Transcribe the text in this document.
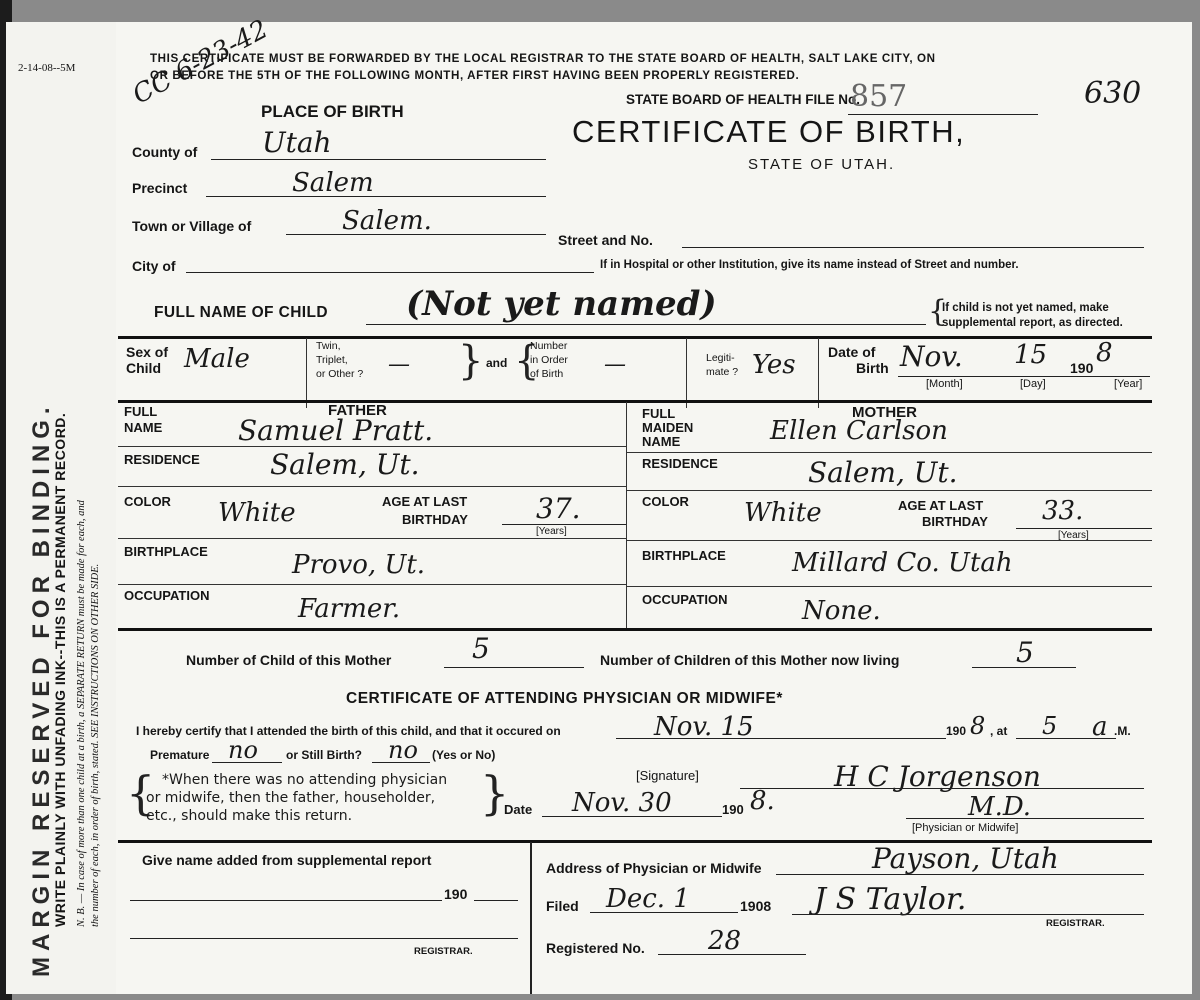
2-14-08--5M
MARGIN RESERVED FOR BINDING.
WRITE PLAINLY WITH UNFADING INK--THIS IS A PERMANENT RECORD. N. B. — In case of more than one child at a birth, a SEPARATE RETURN must be made for each, and the number of each, in order of birth, stated. SEE INSTRUCTIONS ON OTHER SIDE.
THIS CERTIFICATE MUST BE FORWARDED BY THE LOCAL REGISTRAR TO THE STATE BOARD OF HEALTH, SALT LAKE CITY, ON
OR BEFORE THE 5TH OF THE FOLLOWING MONTH, AFTER FIRST HAVING BEEN PROPERLY REGISTERED.
CC 6-23-42	STATE BOARD OF HEALTH FILE No.
857	630
CERTIFICATE OF BIRTH,
STATE OF UTAH.
PLACE OF BIRTH
County of Utah
Precinct	Salem
Town or Village of	Salem.
Street and No.
City of	If in Hospital or other Institution, give its name instead of Street and number.
FULL NAME OF CHILD (Not yet named)	{
If child is not yet named, make
supplemental report, as directed.
Sex of
Child Male	Twin,
Triplet,
or Other ? — } and {
Number
in Order
of Birth —	Legiti-
mate ? Yes Date of
Birth Nov. 15 190 8
[Month]	[Day]	[Year]
FATHER
FULL
NAME	Samuel Pratt.
RESIDENCE	Salem, Ut.
COLOR White	AGE AT LAST
BIRTHDAY 37.
[Years]
BIRTHPLACE	Provo, Ut.
OCCUPATION	Farmer.
MOTHER
FULL
MAIDEN
NAME	Ellen Carlson
RESIDENCE	Salem, Ut.
COLOR White	AGE AT LAST
BIRTHDAY 33.
[Years]
BIRTHPLACE	Millard Co. Utah
OCCUPATION	None.
Number of Child of this Mother	5	Number of Children of this Mother now living	5
CERTIFICATE OF ATTENDING PHYSICIAN OR MIDWIFE*
I hereby certify that I attended the birth of this child, and that it occured on	Nov. 15	190 8 , at 5 a .M.
Premature no or Still Birth? no (Yes or No)
{ *When there was no attending physician
or midwife, then the father, householder,
etc., should make this return.	}	[Signature]	H C Jorgenson
Date Nov. 30	190 8.	M.D.
[Physician or Midwife]
Give name added from supplemental report
190
REGISTRAR.
Address of Physician or Midwife	Payson, Utah
Filed Dec. 1	1908 J S Taylor.
REGISTRAR.
Registered No. 28
